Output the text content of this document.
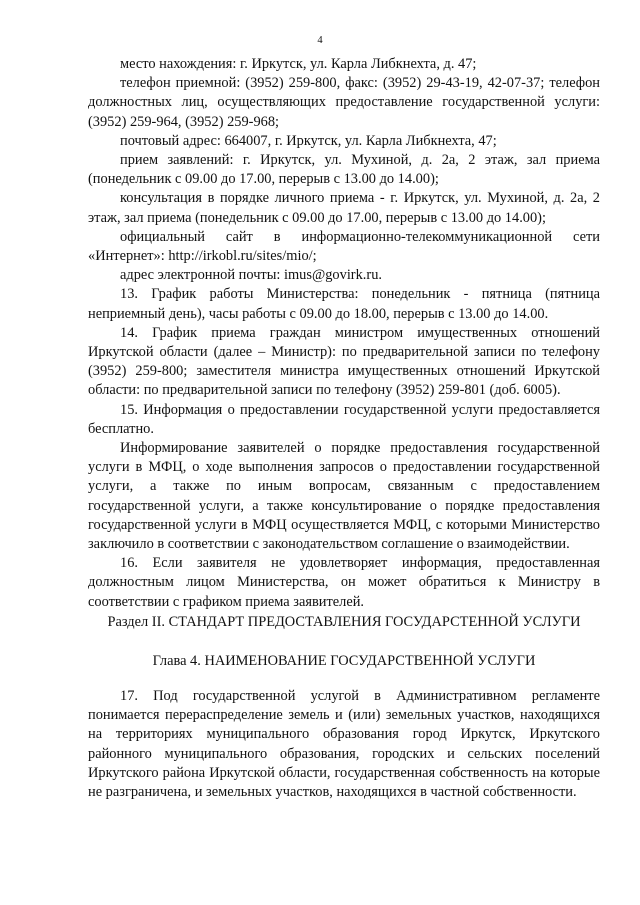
4

место нахождения: г. Иркутск, ул. Карла Либкнехта, д. 47;

телефон приемной: (3952) 259-800, факс: (3952) 29-43-19, 42-07-37; телефон должностных лиц, осуществляющих предоставление государственной услуги: (3952) 259-964, (3952) 259-968;

почтовый адрес: 664007, г. Иркутск, ул. Карла Либкнехта, 47;

прием заявлений: г. Иркутск, ул. Мухиной, д. 2а, 2 этаж, зал приема (понедельник с 09.00 до 17.00, перерыв с 13.00 до 14.00);

консультация в порядке личного приема - г. Иркутск, ул. Мухиной, д. 2а, 2 этаж, зал приема (понедельник с 09.00 до 17.00, перерыв с 13.00 до 14.00);

официальный сайт в информационно-телекоммуникационной сети «Интернет»: http://irkobl.ru/sites/mio/;

адрес электронной почты: imus@govirk.ru.

13. График работы Министерства: понедельник - пятница (пятница неприемный день), часы работы с 09.00 до 18.00, перерыв с 13.00 до 14.00.

14. График приема граждан министром имущественных отношений Иркутской области (далее – Министр): по предварительной записи по телефону (3952) 259-800; заместителя министра имущественных отношений Иркутской области: по предварительной записи по телефону (3952) 259-801 (доб. 6005).

15. Информация о предоставлении государственной услуги предоставляется бесплатно.

Информирование заявителей о порядке предоставления государственной услуги в МФЦ, о ходе выполнения запросов о предоставлении государственной услуги, а также по иным вопросам, связанным с предоставлением государственной услуги, а также консультирование о порядке предоставления государственной услуги в МФЦ осуществляется МФЦ, с которыми Министерство заключило в соответствии с законодательством соглашение о взаимодействии.

16. Если заявителя не удовлетворяет информация, предоставленная должностным лицом Министерства, он может обратиться к Министру в соответствии с графиком приема заявителей.

Раздел II. СТАНДАРТ ПРЕДОСТАВЛЕНИЯ ГОСУДАРСТЕННОЙ УСЛУГИ
Глава 4. НАИМЕНОВАНИЕ ГОСУДАРСТВЕННОЙ УСЛУГИ

17. Под государственной услугой в Административном регламенте понимается перераспределение земель и (или) земельных участков, находящихся на территориях муниципального образования город Иркутск, Иркутского районного муниципального образования, городских и сельских поселений Иркутского района Иркутской области, государственная собственность на которые не разграничена, и земельных участков, находящихся в частной собственности.
